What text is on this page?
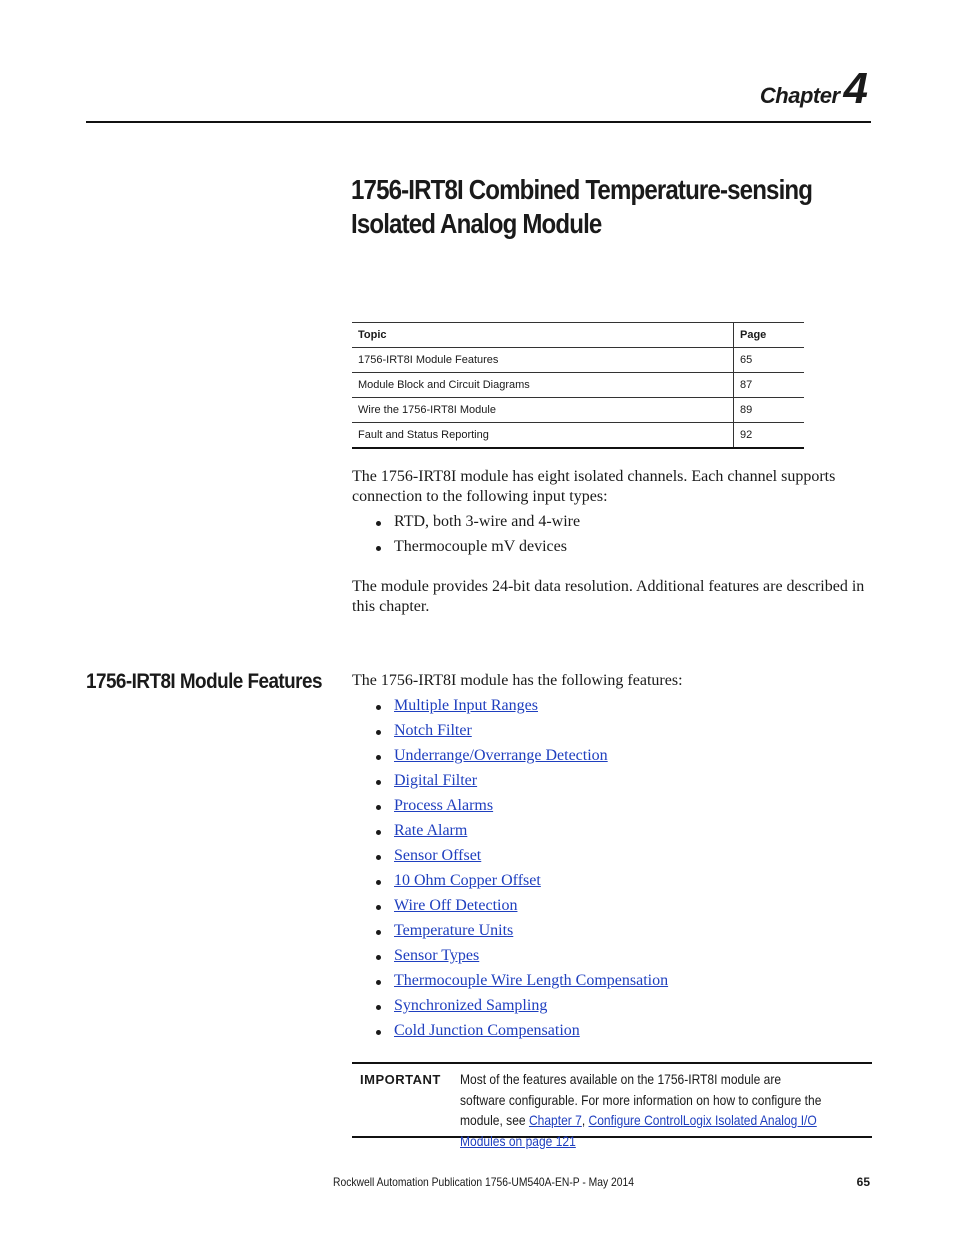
Chapter4
1756-IRT8I Combined Temperature-sensing Isolated Analog Module
Topic	Page
1756-IRT8I Module Features	65
Module Block and Circuit Diagrams	87
Wire the 1756-IRT8I Module	89
Fault and Status Reporting	92

The 1756-IRT8I module has eight isolated channels. Each channel supports connection to the following input types:

RTD, both 3-wire and 4-wire
Thermocouple mV devices

The module provides 24-bit data resolution. Additional features are described in this chapter.

1756-IRT8I Module Features The 1756-IRT8I module has the following features:

Multiple Input Ranges
Notch Filter
Underrange/Overrange Detection
Digital Filter
Process Alarms
Rate Alarm
Sensor Offset
10 Ohm Copper Offset
Wire Off Detection
Temperature Units
Sensor Types
Thermocouple Wire Length Compensation
Synchronized Sampling
Cold Junction Compensation
IMPORTANT Most of the features available on the 1756-IRT8I module are software configurable. For more information on how to configure the module, see Chapter 7, Configure ControlLogix Isolated Analog I/O Modules on page 121
Rockwell Automation Publication 1756-UM540A-EN-P - May 2014	65
